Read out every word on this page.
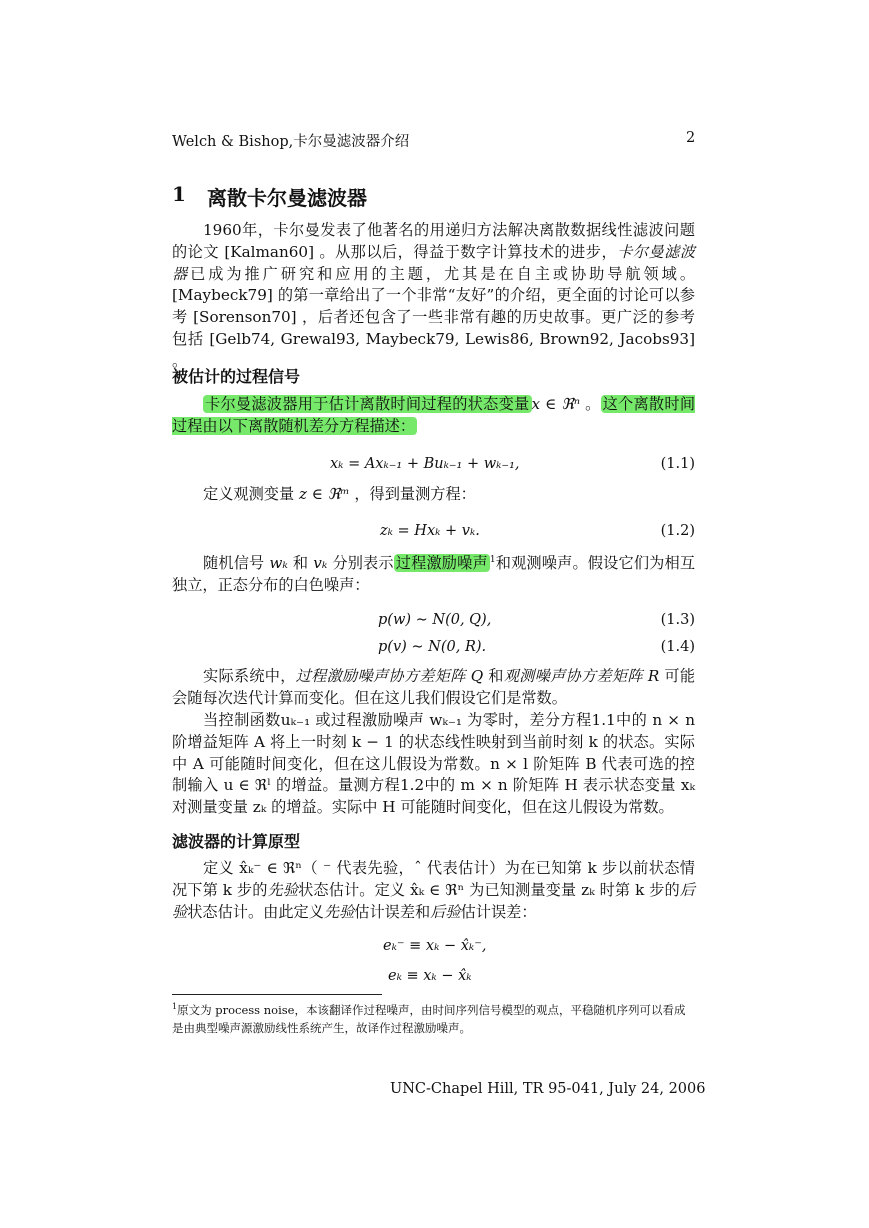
Welch & Bishop,卡尔曼滤波器介绍	2
1 离散卡尔曼滤波器
1960年，卡尔曼发表了他著名的用递归方法解决离散数据线性滤波问题的论文 [Kalman60] 。从那以后，得益于数字计算技术的进步，卡尔曼滤波器已成为推广研究和应用的主题，尤其是在自主或协助导航领域。[Maybeck79] 的第一章给出了一个非常“友好”的介绍，更全面的讨论可以参考 [Sorenson70] ，后者还包含了一些非常有趣的历史故事。更广泛的参考包括 [Gelb74, Grewal93, Maybeck79, Lewis86, Brown92, Jacobs93] 。
被估计的过程信号
卡尔曼滤波器用于估计离散时间过程的状态变量 x ∈ ℜⁿ 。 这个离散时间过程由以下离散随机差分方程描述：
xₖ = Axₖ₋₁ + Buₖ₋₁ + wₖ₋₁,	(1.1)
定义观测变量 z ∈ ℜᵐ ，得到量测方程：
zₖ = Hxₖ + vₖ.	(1.2)
随机信号 wₖ 和 vₖ 分别表示 过程激励噪声 $^1$和观测噪声。假设它们为相互独立，正态分布的白色噪声：
p(w) ∼ N(0, Q),	(1.3)
p(v) ∼ N(0, R).	(1.4)
实际系统中，过程激励噪声协方差矩阵 Q 和观测噪声协方差矩阵 R 可能会随每次迭代计算而变化。但在这儿我们假设它们是常数。
当控制函数uₖ₋₁ 或过程激励噪声 wₖ₋₁ 为零时，差分方程1.1中的 n × n 阶增益矩阵 A 将上一时刻 k − 1 的状态线性映射到当前时刻 k 的状态。实际中 A 可能随时间变化，但在这儿假设为常数。n × l 阶矩阵 B 代表可选的控制输入 u ∈ ℜˡ 的增益。量测方程1.2中的 m × n 阶矩阵 H 表示状态变量 xₖ 对测量变量 zₖ 的增益。实际中 H 可能随时间变化，但在这儿假设为常数。
滤波器的计算原型
定义 x̂ₖ⁻ ∈ ℜⁿ（ ⁻ 代表先验，ˆ 代表估计）为在已知第 k 步以前状态情况下第 k 步的先验状态估计。定义 x̂ₖ ∈ ℜⁿ 为已知测量变量 zₖ 时第 k 步的后验状态估计。由此定义先验估计误差和后验估计误差：
eₖ⁻ ≡ xₖ − x̂ₖ⁻,
eₖ ≡ xₖ − x̂ₖ
$^1$原文为 process noise，本该翻译作过程噪声，由时间序列信号模型的观点，平稳随机序列可以看成是由典型噪声源激励线性系统产生，故译作过程激励噪声。
UNC-Chapel Hill, TR 95-041, July 24, 2006
